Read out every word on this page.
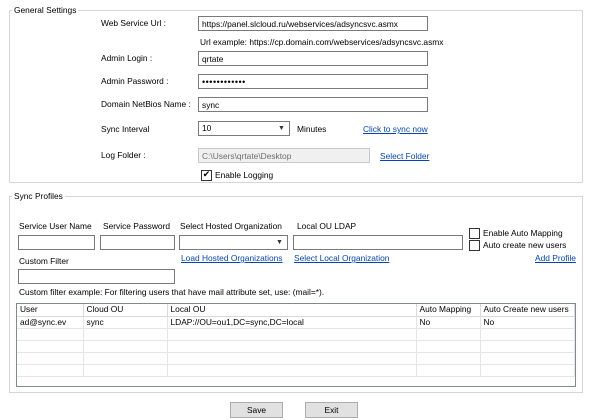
General Settings
Web Service Url :
https://panel.slcloud.ru/webservices/adsyncsvc.asmx
Url example: https://cp.domain.com/webservices/adsyncsvc.asmx
Admin Login :
qrtate
Admin Password :
••••••••••••
Domain NetBios Name :
sync
Sync Interval	10	▼ Minutes	Click to sync now
Log Folder :
C:\Users\qrtate\Desktop	Select Folder
✔ Enable Logging
Sync Profiles
Service User Name Service Password Select Hosted Organization Local OU LDAP
Enable Auto Mapping
Auto create new users
▼
Load Hosted Organizations Select Local Organization	Add Profile
Custom Filter
Custom filter example: For filtering users that have mail attribute set, use: (mail=*).
User	Cloud OU	Local OU	Auto Mapping	Auto Create new users
ad@sync.ev	sync	LDAP://OU=ou1,DC=sync,DC=local	No	No

Save	Exit
